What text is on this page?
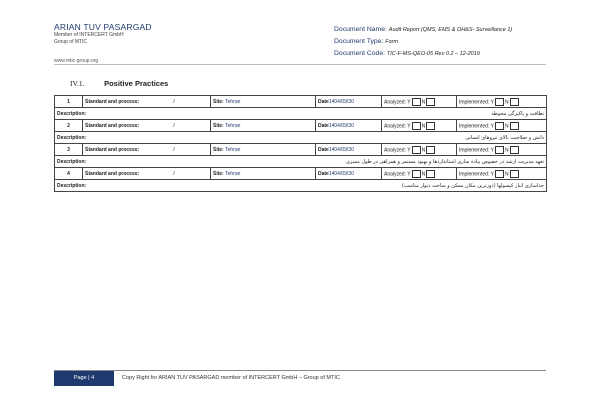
ARIAN TUV PASARGAD
Member of INTERCERT GmbH
Group of MTIC
Document Name: Audit Report (QMS, EMS & OH&S- Surveillance 1)
Document Type: Form
Document Code: TIC-F-MS-QEO-05 Rev 0.2 – 12-2019
www.mtic-group.org
IV.1.	Positive Practices
1	Standard and process: /	Site: Tehran	Date1404/09/30	Analyzed: Y N	Implemented: Y N
Description:		نظافت و پاکیزگی محوطه			
2	Standard and process: /	Site: Tehran	Date1404/09/30	Analyzed: Y N	Implemented: Y N
Description:		دانش و صلاحیت بالای نیروهای انسانی			
3	Standard and process: /	Site: Tehran	Date1404/09/30	Analyzed: Y N	Implemented: Y N
Description:		تعهد مدیریت ارشد در خصوص پیاده سازی استانداردها و بهبود مستمر و همراهی در طول ممیزی			
4	Standard and process: /	Site: Tehran	Date1404/09/30	Analyzed: Y N	Implemented: Y N
Description:		جداسازی انبار کپسولها (دورترین مکان ممکن و ساخت دیوار مناسب)			
Page | 4	Copy Right for ARIAN TUV PASARGAD member of INTERCERT GmbH – Group of MTIC
